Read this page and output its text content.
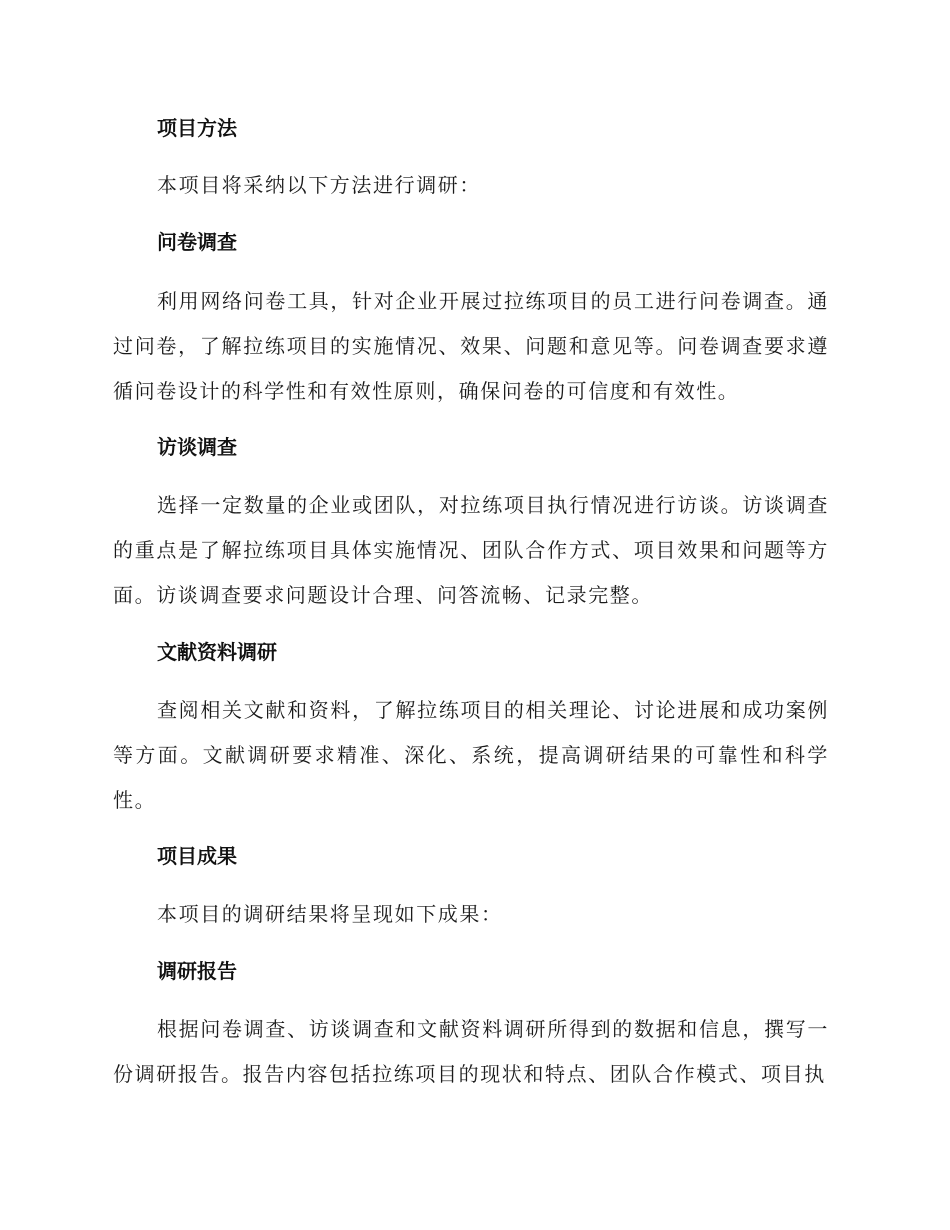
项目方法
本项目将采纳以下方法进行调研：
问卷调查
利用网络问卷工具，针对企业开展过拉练项目的员工进行问卷调查。通过问卷，了解拉练项目的实施情况、效果、问题和意见等。问卷调查要求遵循问卷设计的科学性和有效性原则，确保问卷的可信度和有效性。
访谈调查
选择一定数量的企业或团队，对拉练项目执行情况进行访谈。访谈调查的重点是了解拉练项目具体实施情况、团队合作方式、项目效果和问题等方面。访谈调查要求问题设计合理、问答流畅、记录完整。
文献资料调研
查阅相关文献和资料，了解拉练项目的相关理论、讨论进展和成功案例等方面。文献调研要求精准、深化、系统，提高调研结果的可靠性和科学性。
项目成果
本项目的调研结果将呈现如下成果：
调研报告
根据问卷调查、访谈调查和文献资料调研所得到的数据和信息，撰写一份调研报告。报告内容包括拉练项目的现状和特点、团队合作模式、项目执
